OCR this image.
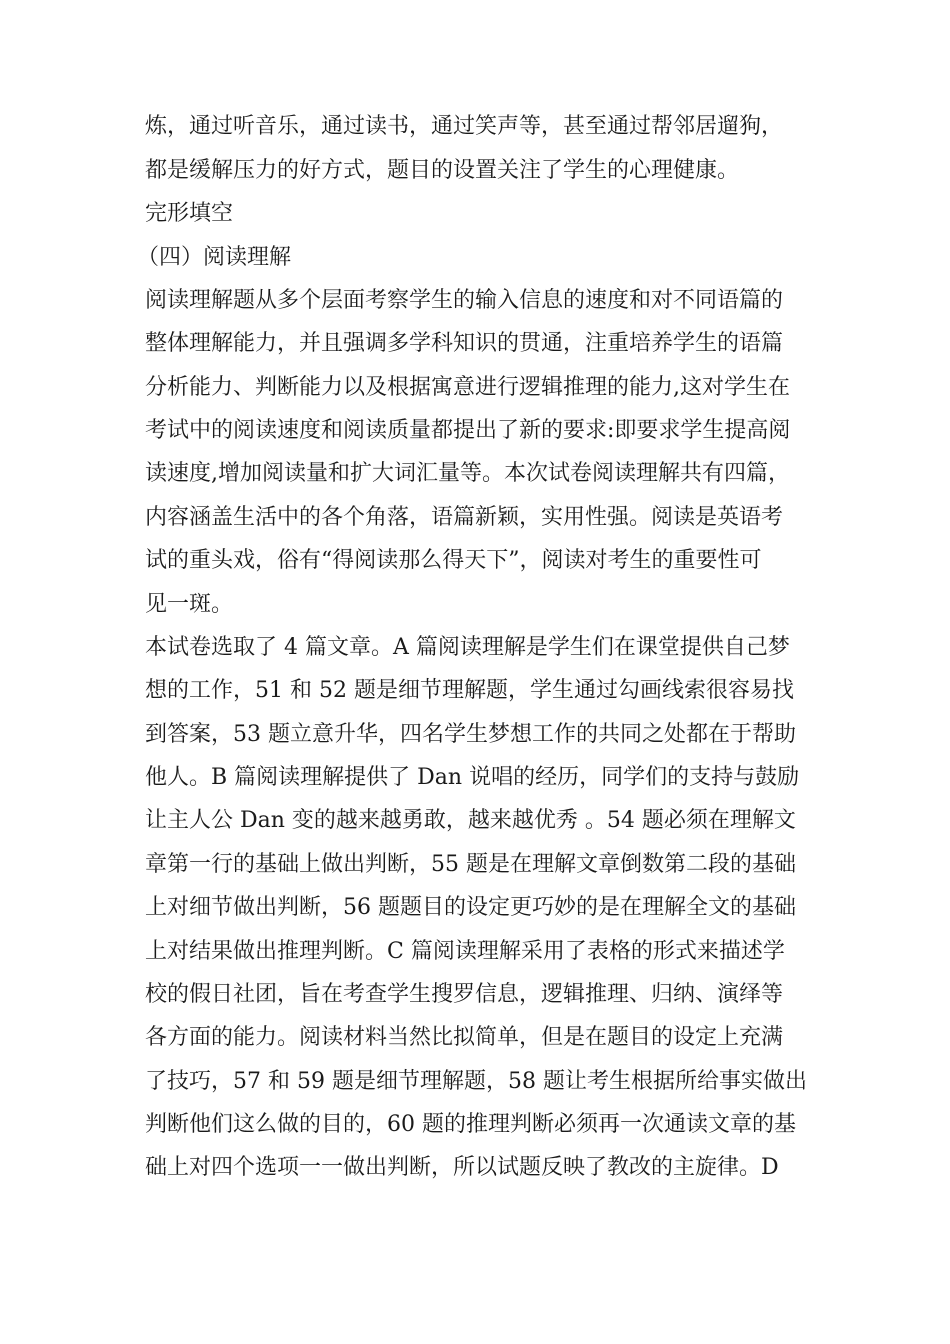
炼，通过听音乐，通过读书，通过笑声等，甚至通过帮邻居遛狗，
都是缓解压力的好方式，题目的设置关注了学生的心理健康。
完形填空
（四）阅读理解
阅读理解题从多个层面考察学生的输入信息的速度和对不同语篇的
整体理解能力，并且强调多学科知识的贯通，注重培养学生的语篇
分析能力、判断能力以及根据寓意进行逻辑推理的能力,这对学生在
考试中的阅读速度和阅读质量都提出了新的要求:即要求学生提高阅
读速度,增加阅读量和扩大词汇量等。本次试卷阅读理解共有四篇，
内容涵盖生活中的各个角落，语篇新颖，实用性强。阅读是英语考
试的重头戏，俗有“得阅读那么得天下”，阅读对考生的重要性可
见一斑。
本试卷选取了 4 篇文章。A 篇阅读理解是学生们在课堂提供自己梦
想的工作，51 和 52 题是细节理解题，学生通过勾画线索很容易找
到答案，53 题立意升华，四名学生梦想工作的共同之处都在于帮助
他人。B 篇阅读理解提供了 Dan 说唱的经历，同学们的支持与鼓励
让主人公 Dan 变的越来越勇敢，越来越优秀 。54 题必须在理解文
章第一行的基础上做出判断，55 题是在理解文章倒数第二段的基础
上对细节做出判断，56 题题目的设定更巧妙的是在理解全文的基础
上对结果做出推理判断。C 篇阅读理解采用了表格的形式来描述学
校的假日社团，旨在考查学生搜罗信息，逻辑推理、归纳、演绎等
各方面的能力。阅读材料当然比拟简单，但是在题目的设定上充满
了技巧，57 和 59 题是细节理解题，58 题让考生根据所给事实做出
判断他们这么做的目的，60 题的推理判断必须再一次通读文章的基
础上对四个选项一一做出判断，所以试题反映了教改的主旋律。D
